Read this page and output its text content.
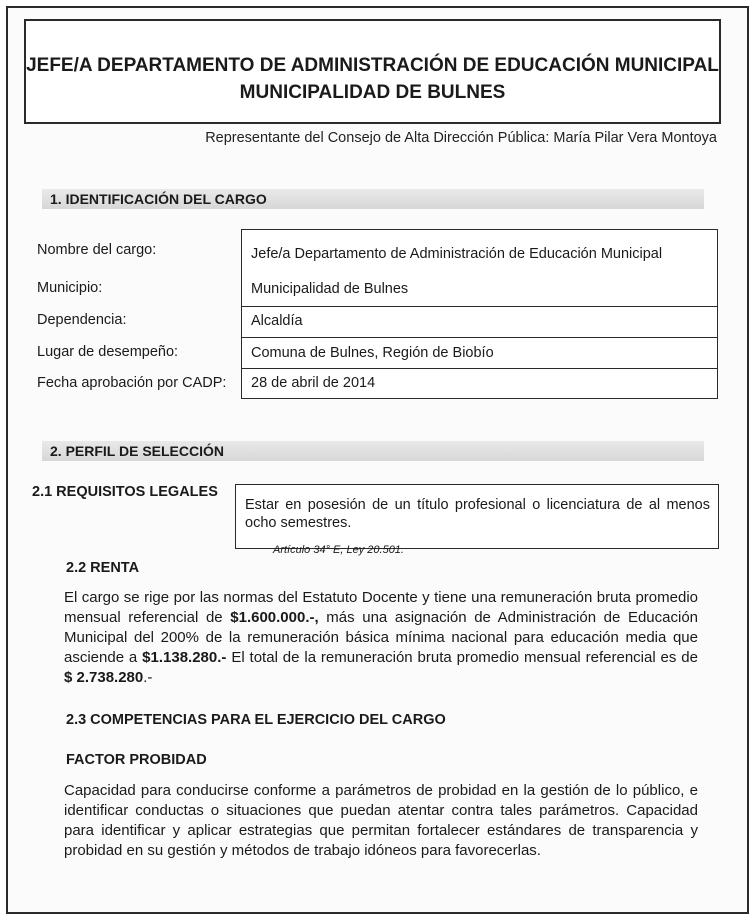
JEFE/A DEPARTAMENTO DE ADMINISTRACIÓN DE EDUCACIÓN MUNICIPAL
MUNICIPALIDAD DE BULNES
Representante del Consejo de Alta Dirección Pública: María Pilar Vera Montoya
1. IDENTIFICACIÓN DEL CARGO
Nombre del cargo:	Jefe/a Departamento de Administración de Educación Municipal
Municipio:	Municipalidad de Bulnes
Dependencia:	Alcaldía
Lugar de desempeño:	Comuna de Bulnes, Región de Biobío
Fecha aprobación por CADP: 28 de abril de 2014
2. PERFIL DE SELECCIÓN
2.1 REQUISITOS LEGALES
Estar en posesión de un título profesional o licenciatura de al menos ocho semestres.
Artículo 34° E, Ley 20.501.
2.2 RENTA
El cargo se rige por las normas del Estatuto Docente y tiene una remuneración bruta promedio mensual referencial de $1.600.000.-, más una asignación de Administración de Educación Municipal del 200% de la remuneración básica mínima nacional para educación media que asciende a $1.138.280.- El total de la remuneración bruta promedio mensual referencial es de $ 2.738.280.-
2.3 COMPETENCIAS PARA EL EJERCICIO DEL CARGO
FACTOR PROBIDAD
Capacidad para conducirse conforme a parámetros de probidad en la gestión de lo público, e identificar conductas o situaciones que puedan atentar contra tales parámetros. Capacidad para identificar y aplicar estrategias que permitan fortalecer estándares de transparencia y probidad en su gestión y métodos de trabajo idóneos para favorecerlas.
